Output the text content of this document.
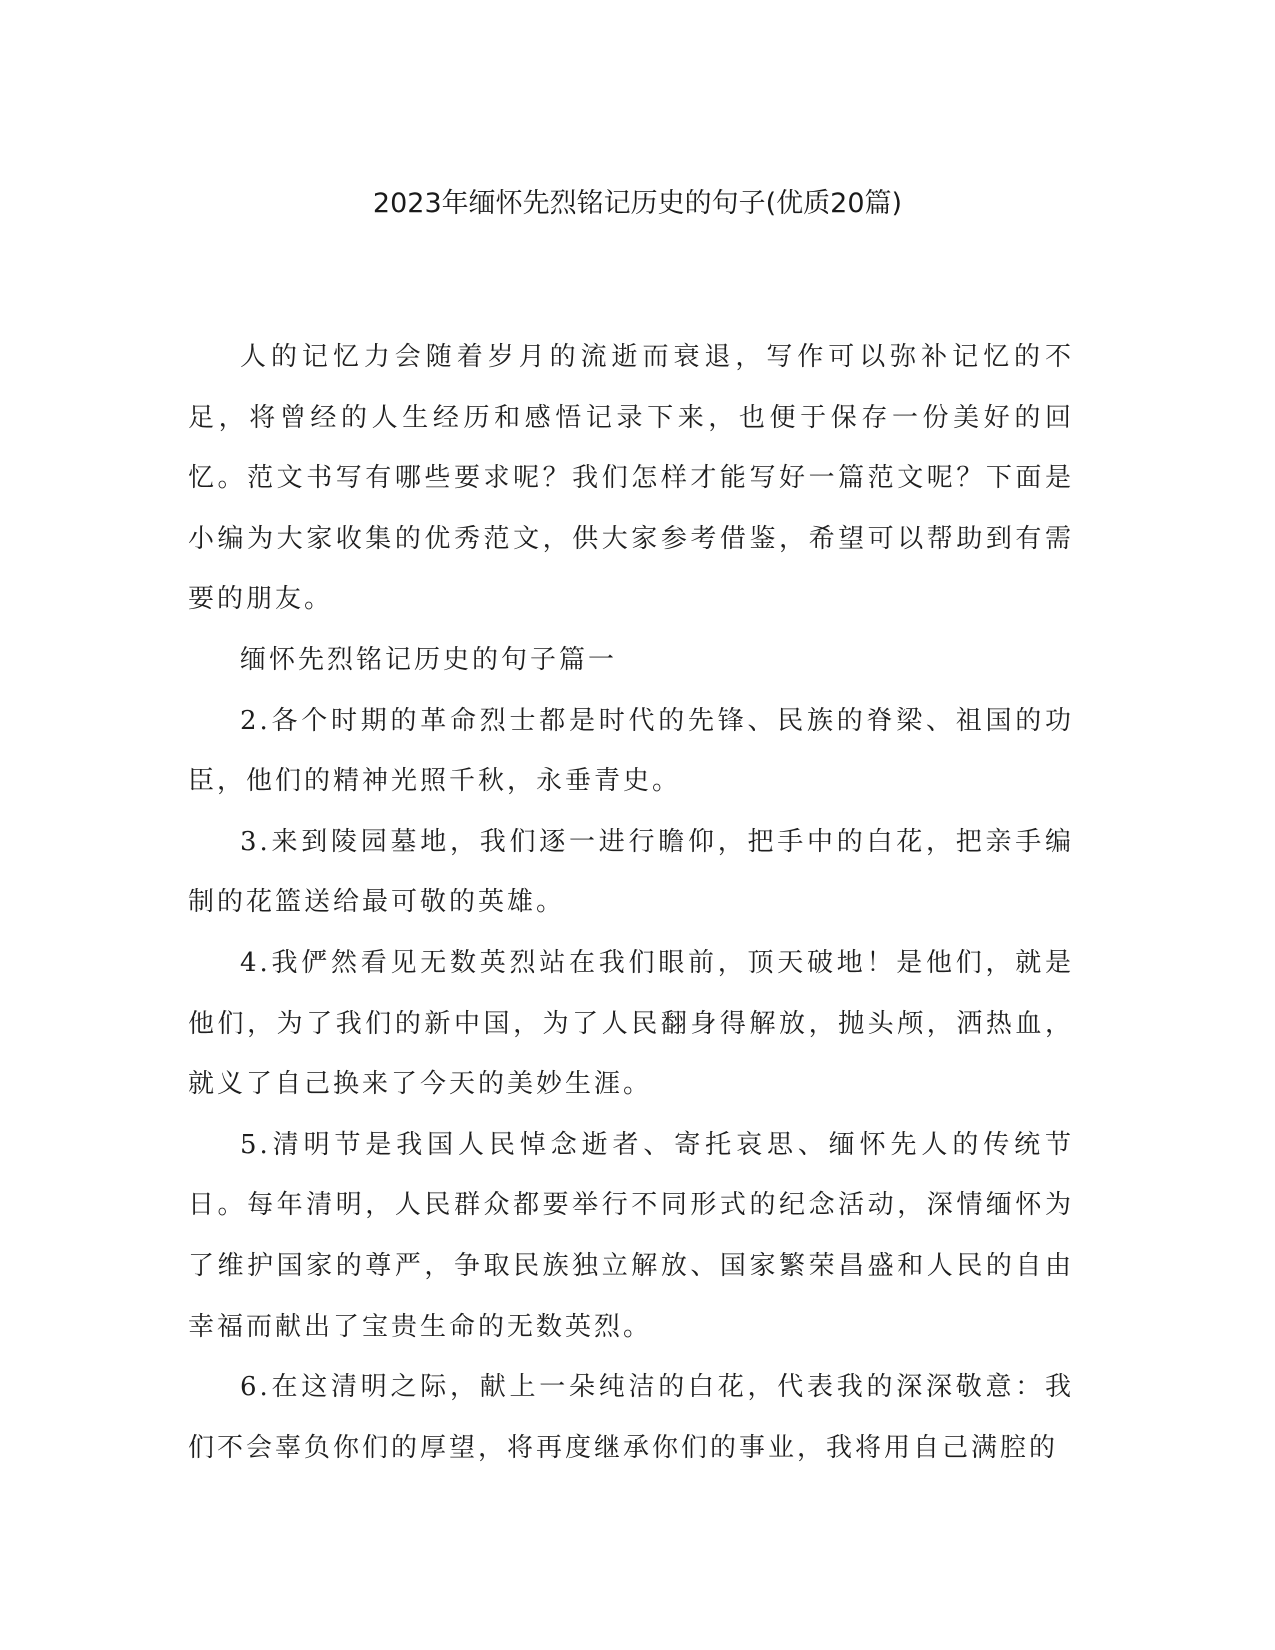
2023年缅怀先烈铭记历史的句子(优质20篇)

人的记忆力会随着岁月的流逝而衰退，写作可以弥补记忆的不足，将曾经的人生经历和感悟记录下来，也便于保存一份美好的回忆。范文书写有哪些要求呢？我们怎样才能写好一篇范文呢？下面是小编为大家收集的优秀范文，供大家参考借鉴，希望可以帮助到有需要的朋友。

缅怀先烈铭记历史的句子篇一

2.各个时期的革命烈士都是时代的先锋、民族的脊梁、祖国的功臣，他们的精神光照千秋，永垂青史。

3.来到陵园墓地，我们逐一进行瞻仰，把手中的白花，把亲手编制的花篮送给最可敬的英雄。

4.我俨然看见无数英烈站在我们眼前，顶天破地！是他们，就是他们，为了我们的新中国，为了人民翻身得解放，抛头颅，洒热血，就义了自己换来了今天的美妙生涯。

5.清明节是我国人民悼念逝者、寄托哀思、缅怀先人的传统节日。每年清明，人民群众都要举行不同形式的纪念活动，深情缅怀为了维护国家的尊严，争取民族独立解放、国家繁荣昌盛和人民的自由幸福而献出了宝贵生命的无数英烈。

6.在这清明之际，献上一朵纯洁的白花，代表我的深深敬意：我们不会辜负你们的厚望，将再度继承你们的事业，我将用自己满腔的
